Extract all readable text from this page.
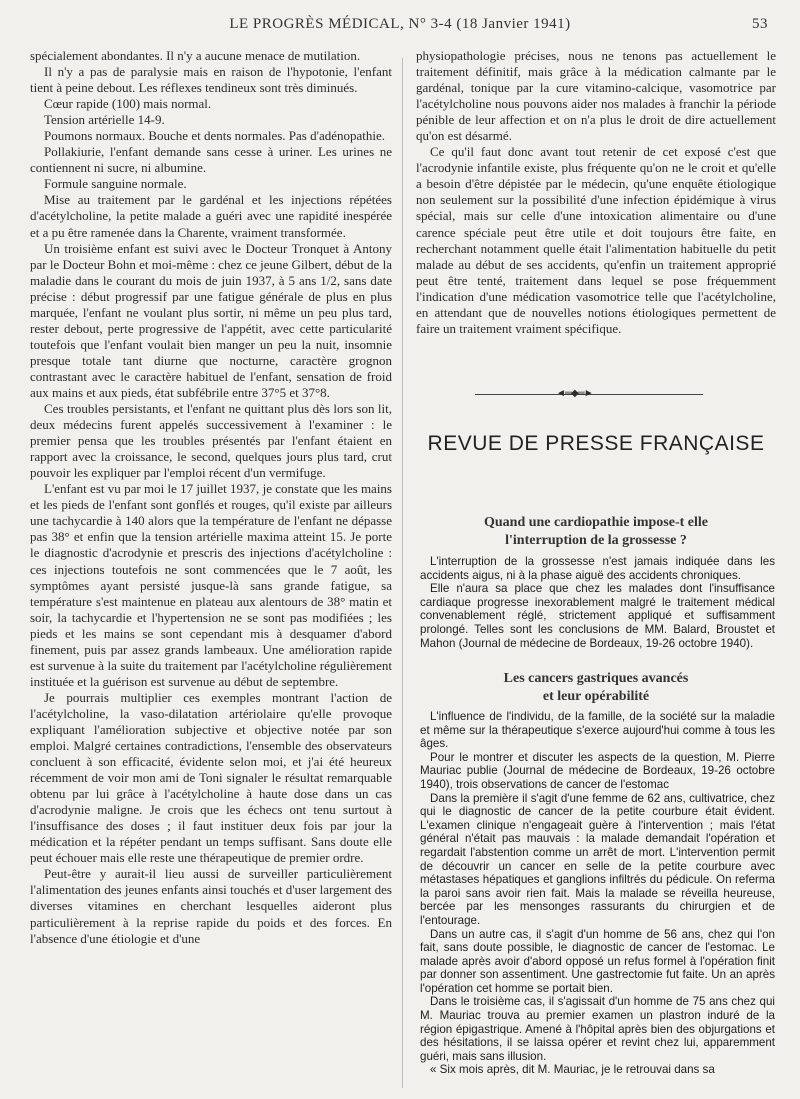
LE PROGRÈS MÉDICAL, N° 3-4 (18 Janvier 1941)	53

spécialement abondantes. Il n'y a aucune menace de mutilation.

Il n'y a pas de paralysie mais en raison de l'hypotonie, l'enfant tient à peine debout. Les réflexes tendineux sont très diminués.

Cœur rapide (100) mais normal.

Tension artérielle 14-9.

Poumons normaux. Bouche et dents normales. Pas d'adénopathie.

Pollakiurie, l'enfant demande sans cesse à uriner. Les urines ne contiennent ni sucre, ni albumine.

Formule sanguine normale.

Mise au traitement par le gardénal et les injections répétées d'acétylcholine, la petite malade a guéri avec une rapidité inespérée et a pu être ramenée dans la Charente, vraiment transformée.

Un troisième enfant est suivi avec le Docteur Tronquet à Antony par le Docteur Bohn et moi-même : chez ce jeune Gilbert, début de la maladie dans le courant du mois de juin 1937, à 5 ans 1/2, sans date précise : début progressif par une fatigue générale de plus en plus marquée, l'enfant ne voulant plus sortir, ni même un peu plus tard, rester debout, perte progressive de l'appétit, avec cette particularité toutefois que l'enfant voulait bien manger un peu la nuit, insomnie presque totale tant diurne que nocturne, caractère grognon contrastant avec le caractère habituel de l'enfant, sensation de froid aux mains et aux pieds, état subfébrile entre 37°5 et 37°8.

Ces troubles persistants, et l'enfant ne quittant plus dès lors son lit, deux médecins furent appelés successivement à l'examiner : le premier pensa que les troubles présentés par l'enfant étaient en rapport avec la croissance, le second, quelques jours plus tard, crut pouvoir les expliquer par l'emploi récent d'un vermifuge.

L'enfant est vu par moi le 17 juillet 1937, je constate que les mains et les pieds de l'enfant sont gonflés et rouges, qu'il existe par ailleurs une tachycardie à 140 alors que la température de l'enfant ne dépasse pas 38° et enfin que la tension artérielle maxima atteint 15. Je porte le diagnostic d'acrodynie et prescris des injections d'acétylcholine : ces injections toutefois ne sont commencées que le 7 août, les symptômes ayant persisté jusque-là sans grande fatigue, sa température s'est maintenue en plateau aux alentours de 38° matin et soir, la tachycardie et l'hypertension ne se sont pas modifiées ; les pieds et les mains se sont cependant mis à desquamer d'abord finement, puis par assez grands lambeaux. Une amélioration rapide est survenue à la suite du traitement par l'acétylcholine régulièrement instituée et la guérison est survenue au début de septembre.

Je pourrais multiplier ces exemples montrant l'action de l'acétylcholine, la vaso-dilatation artériolaire qu'elle provoque expliquant l'amélioration subjective et objective notée par son emploi. Malgré certaines contradictions, l'ensemble des observateurs concluent à son efficacité, évidente selon moi, et j'ai été heureux récemment de voir mon ami de Toni signaler le résultat remarquable obtenu par lui grâce à l'acétylcholine à haute dose dans un cas d'acrodynie maligne. Je crois que les échecs ont tenu surtout à l'insuffisance des doses ; il faut instituer deux fois par jour la médication et la répéter pendant un temps suffisant. Sans doute elle peut échouer mais elle reste une thérapeutique de premier ordre.

Peut-être y aurait-il lieu aussi de surveiller particulièrement l'alimentation des jeunes enfants ainsi touchés et d'user largement des diverses vitamines en cherchant lesquelles aideront plus particulièrement à la reprise rapide du poids et des forces. En l'absence d'une étiologie et d'une

physiopathologie précises, nous ne tenons pas actuellement le traitement définitif, mais grâce à la médication calmante par le gardénal, tonique par la cure vitamino-calcique, vasomotrice par l'acétylcholine nous pouvons aider nos malades à franchir la période pénible de leur affection et on n'a plus le droit de dire actuellement qu'on est désarmé.

Ce qu'il faut donc avant tout retenir de cet exposé c'est que l'acrodynie infantile existe, plus fréquente qu'on ne le croit et qu'elle a besoin d'être dépistée par le médecin, qu'une enquête étiologique non seulement sur la possibilité d'une infection épidémique à virus spécial, mais sur celle d'une intoxication alimentaire ou d'une carence spéciale peut être utile et doit toujours être faite, en recherchant notamment quelle était l'alimentation habituelle du petit malade au début de ses accidents, qu'enfin un traitement approprié peut être tenté, traitement dans lequel se pose fréquemment l'indication d'une médication vasomotrice telle que l'acétylcholine, en attendant que de nouvelles notions étiologiques permettent de faire un traitement vraiment spécifique.

◄═◆═►
REVUE DE PRESSE FRANÇAISE
Quand une cardiopathie impose-t elle
l'interruption de la grossesse ?

L'interruption de la grossesse n'est jamais indiquée dans les accidents aigus, ni à la phase aiguë des accidents chroniques.

Elle n'aura sa place que chez les malades dont l'insuffisance cardiaque progresse inexorablement malgré le traitement médical convenablement réglé, strictement appliqué et suffisamment prolongé. Telles sont les conclusions de MM. Balard, Broustet et Mahon (Journal de médecine de Bordeaux, 19-26 octobre 1940).

Les cancers gastriques avancés
et leur opérabilité

L'influence de l'individu, de la famille, de la société sur la maladie et même sur la thérapeutique s'exerce aujourd'hui comme à tous les âges.

Pour le montrer et discuter les aspects de la question, M. Pierre Mauriac publie (Journal de médecine de Bordeaux, 19-26 octobre 1940), trois observations de cancer de l'estomac

Dans la première il s'agit d'une femme de 62 ans, cultivatrice, chez qui le diagnostic de cancer de la petite courbure était évident. L'examen clinique n'engageait guère à l'intervention ; mais l'état général n'était pas mauvais : la malade demandait l'opération et regardait l'abstention comme un arrêt de mort. L'intervention permit de découvrir un cancer en selle de la petite courbure avec métastases hépatiques et ganglions infiltrés du pédicule. On referma la paroi sans avoir rien fait. Mais la malade se réveilla heureuse, bercée par les mensonges rassurants du chirurgien et de l'entourage.

Dans un autre cas, il s'agit d'un homme de 56 ans, chez qui l'on fait, sans doute possible, le diagnostic de cancer de l'estomac. Le malade après avoir d'abord opposé un refus formel à l'opération finit par donner son assentiment. Une gastrectomie fut faite. Un an après l'opération cet homme se portait bien.

Dans le troisième cas, il s'agissait d'un homme de 75 ans chez qui M. Mauriac trouva au premier examen un plastron induré de la région épigastrique. Amené à l'hôpital après bien des objurgations et des hésitations, il se laissa opérer et revint chez lui, apparemment guéri, mais sans illusion.

« Six mois après, dit M. Mauriac, je le retrouvai dans sa
